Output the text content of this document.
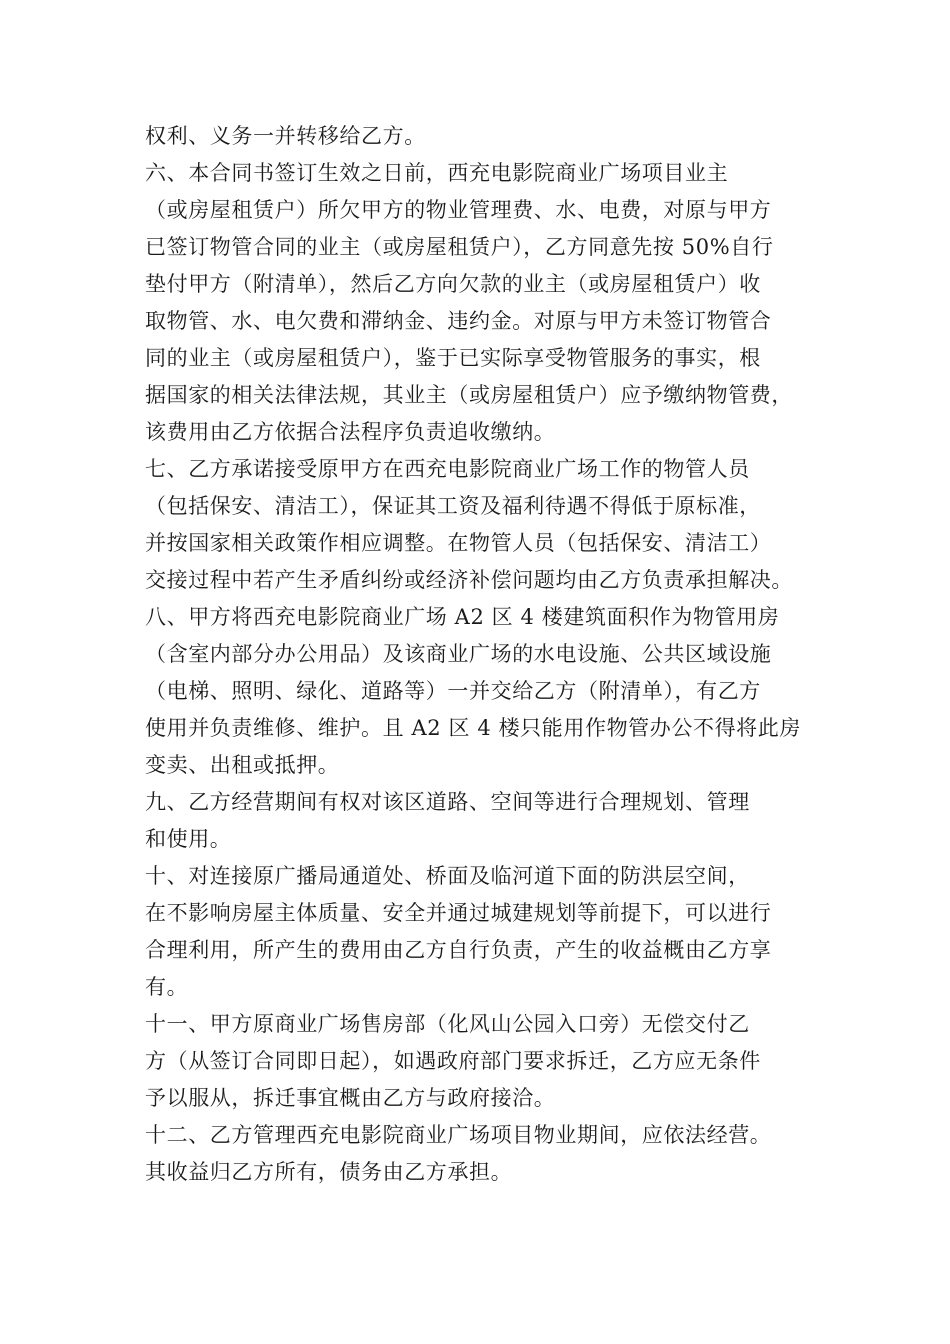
权利、义务一并转移给乙方。
六、本合同书签订生效之日前，西充电影院商业广场项目业主
（或房屋租赁户）所欠甲方的物业管理费、水、电费，对原与甲方
已签订物管合同的业主（或房屋租赁户），乙方同意先按 50%自行
垫付甲方（附清单），然后乙方向欠款的业主（或房屋租赁户）收
取物管、水、电欠费和滞纳金、违约金。对原与甲方未签订物管合
同的业主（或房屋租赁户），鉴于已实际享受物管服务的事实，根
据国家的相关法律法规，其业主（或房屋租赁户）应予缴纳物管费，
该费用由乙方依据合法程序负责追收缴纳。
七、乙方承诺接受原甲方在西充电影院商业广场工作的物管人员
（包括保安、清洁工），保证其工资及福利待遇不得低于原标准，
并按国家相关政策作相应调整。在物管人员（包括保安、清洁工）
交接过程中若产生矛盾纠纷或经济补偿问题均由乙方负责承担解决。
八、甲方将西充电影院商业广场 A2 区 4 楼建筑面积作为物管用房
（含室内部分办公用品）及该商业广场的水电设施、公共区域设施
（电梯、照明、绿化、道路等）一并交给乙方（附清单），有乙方
使用并负责维修、维护。且 A2 区 4 楼只能用作物管办公不得将此房
变卖、出租或抵押。
九、乙方经营期间有权对该区道路、空间等进行合理规划、管理
和使用。
十、对连接原广播局通道处、桥面及临河道下面的防洪层空间，
在不影响房屋主体质量、安全并通过城建规划等前提下，可以进行
合理利用，所产生的费用由乙方自行负责，产生的收益概由乙方享
有。
十一、甲方原商业广场售房部（化风山公园入口旁）无偿交付乙
方（从签订合同即日起），如遇政府部门要求拆迁，乙方应无条件
予以服从，拆迁事宜概由乙方与政府接洽。
十二、乙方管理西充电影院商业广场项目物业期间，应依法经营。
其收益归乙方所有，债务由乙方承担。
